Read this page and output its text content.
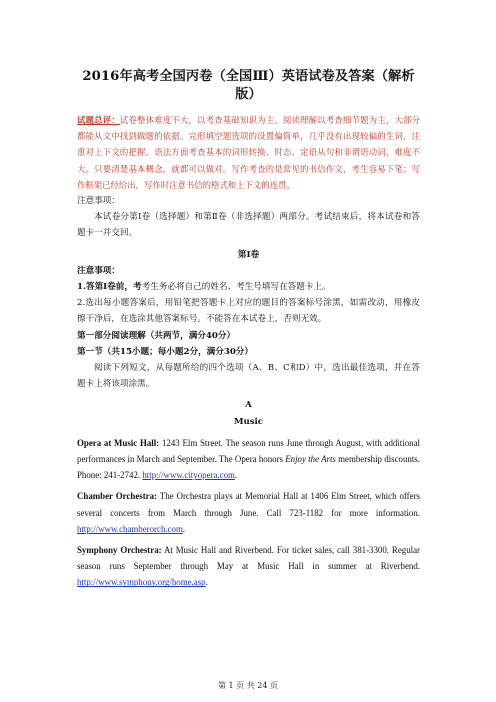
2016年高考全国丙卷（全国Ⅲ）英语试卷及答案（解析版）

试题总评：试卷整体难度不大，以考查基础知识为主。阅读理解以考查细节题为主，大部分都能从文中找到做题的依据。完形填空题选项的设置偏简单，几乎没有出现较偏的生词，注重对上下文的把握。语法方面考查基本的词形转换、时态、定语从句和非谓语动词，难度不大。只要清楚基本概念，就都可以做对。写作考查的是常见的书信作文，考生容易下笔；写作框架已经给出，写作时注意书信的格式和上下文的连贯。

注意事项：

本试卷分第Ⅰ卷（选择题）和第Ⅱ卷（非选择题）两部分。考试结束后，将本试卷和答题卡一并交回。

第Ⅰ卷

注意事项：

1.答第Ⅰ卷前，考考生务必将自己的姓名、考生号填写在答题卡上。

2.选出每小题答案后，用铅笔把答题卡上对应的题目的答案标号涂黑，如需改动，用橡皮擦干净后，在选涂其他答案标号。不能答在本试卷上，否则无效。

第一部分阅读理解（共两节，满分40分）

第一节（共15小题；每小题2分，满分30分）

阅读下列短文，从每题所给的四个选项（A、B、C和D）中，选出最佳选项，并在答题卡上将该项涂黑。

A

Music

Opera at Music Hall: 1243 Elm Street. The season runs June through August, with additional performances in March and September. The Opera honors Enjoy the Arts membership discounts. Phone: 241-2742. http://www.cityopera.com.

Chamber Orchestra: The Orchestra plays at Memorial Hall at 1406 Elm Street, which offers several concerts from March through June. Call 723-1182 for more information. http://www.chamberorch.com.

Symphony Orchestra: At Music Hall and Riverbend. For ticket sales, call 381-3300. Regular season runs September through May at Music Hall in summer at Riverbend. http://www.symphony.org/home.asp.

第 1 页 共 24 页
